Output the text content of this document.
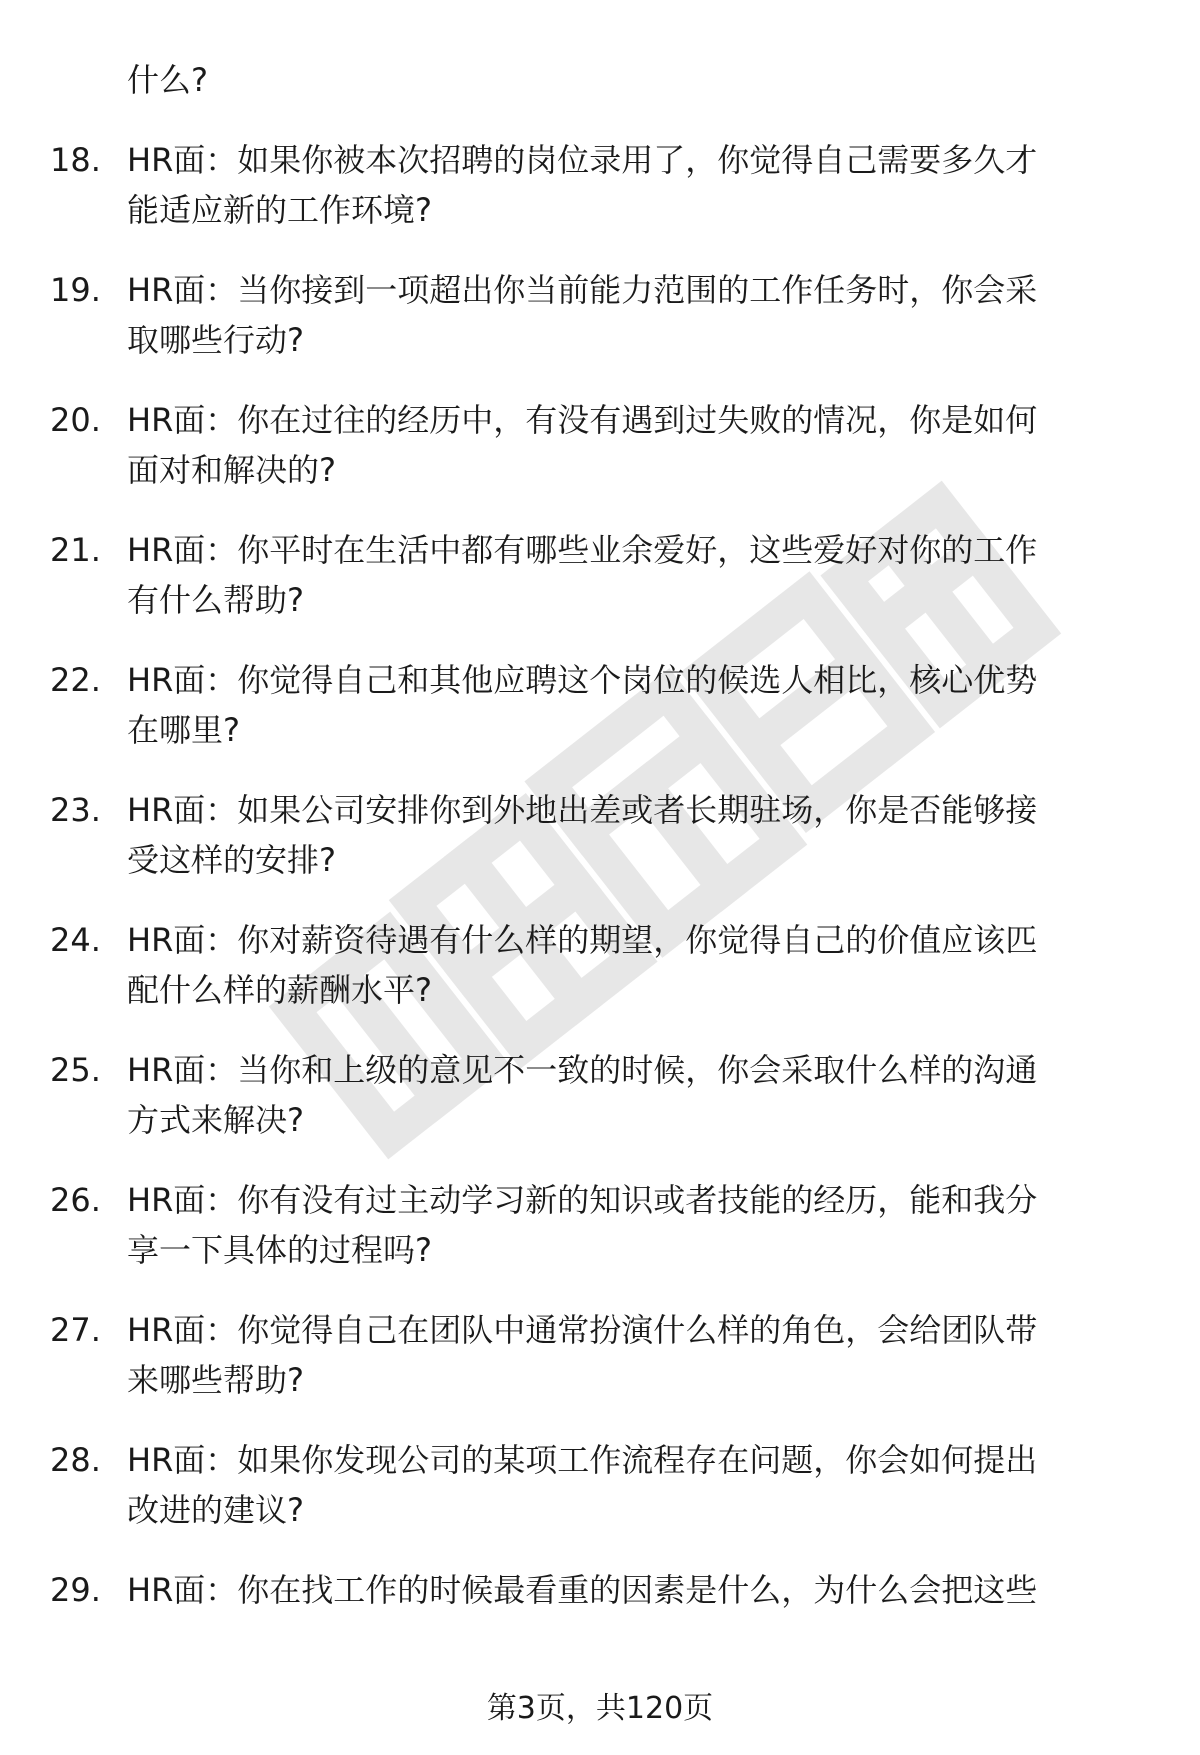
什么?
18. HR面：如果你被本次招聘的岗位录用了，你觉得自己需要多久才
能适应新的工作环境?
19. HR面：当你接到一项超出你当前能力范围的工作任务时，你会采
取哪些行动?
20. HR面：你在过往的经历中，有没有遇到过失败的情况，你是如何
面对和解决的?
21. HR面：你平时在生活中都有哪些业余爱好，这些爱好对你的工作
有什么帮助?
22. HR面：你觉得自己和其他应聘这个岗位的候选人相比，核心优势
在哪里?
23. HR面：如果公司安排你到外地出差或者长期驻场，你是否能够接
受这样的安排?
24. HR面：你对薪资待遇有什么样的期望，你觉得自己的价值应该匹
配什么样的薪酬水平?
25. HR面：当你和上级的意见不一致的时候，你会采取什么样的沟通
方式来解决?
26. HR面：你有没有过主动学习新的知识或者技能的经历，能和我分
享一下具体的过程吗?
27. HR面：你觉得自己在团队中通常扮演什么样的角色，会给团队带
来哪些帮助?
28. HR面：如果你发现公司的某项工作流程存在问题，你会如何提出
改进的建议?
29. HR面：你在找工作的时候最看重的因素是什么，为什么会把这些
第3页，共120页
